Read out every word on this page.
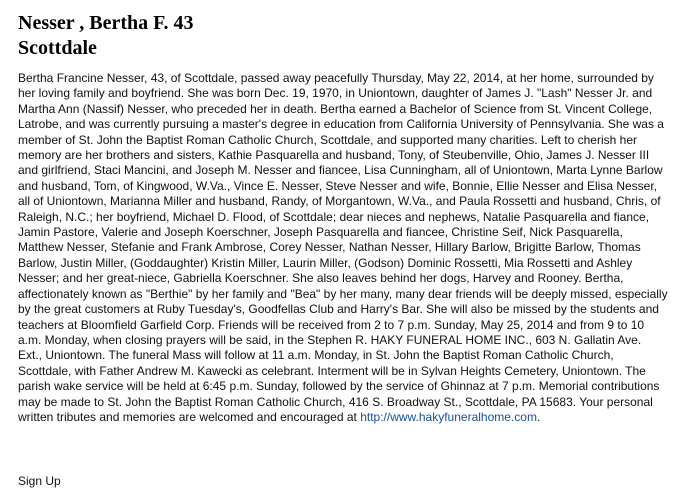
Nesser , Bertha F. 43
Scottdale

Bertha Francine Nesser, 43, of Scottdale, passed away peacefully Thursday, May 22, 2014, at her home, surrounded by her loving family and boyfriend. She was born Dec. 19, 1970, in Uniontown, daughter of James J. "Lash" Nesser Jr. and Martha Ann (Nassif) Nesser, who preceded her in death. Bertha earned a Bachelor of Science from St. Vincent College, Latrobe, and was currently pursuing a master's degree in education from California University of Pennsylvania. She was a member of St. John the Baptist Roman Catholic Church, Scottdale, and supported many charities. Left to cherish her memory are her brothers and sisters, Kathie Pasquarella and husband, Tony, of Steubenville, Ohio, James J. Nesser III and girlfriend, Staci Mancini, and Joseph M. Nesser and fiancee, Lisa Cunningham, all of Uniontown, Marta Lynne Barlow and husband, Tom, of Kingwood, W.Va., Vince E. Nesser, Steve Nesser and wife, Bonnie, Ellie Nesser and Elisa Nesser, all of Uniontown, Marianna Miller and husband, Randy, of Morgantown, W.Va., and Paula Rossetti and husband, Chris, of Raleigh, N.C.; her boyfriend, Michael D. Flood, of Scottdale; dear nieces and nephews, Natalie Pasquarella and fiance, Jamin Pastore, Valerie and Joseph Koerschner, Joseph Pasquarella and fiancee, Christine Seif, Nick Pasquarella, Matthew Nesser, Stefanie and Frank Ambrose, Corey Nesser, Nathan Nesser, Hillary Barlow, Brigitte Barlow, Thomas Barlow, Justin Miller, (Goddaughter) Kristin Miller, Laurin Miller, (Godson) Dominic Rossetti, Mia Rossetti and Ashley Nesser; and her great-niece, Gabriella Koerschner. She also leaves behind her dogs, Harvey and Rooney. Bertha, affectionately known as "Berthie" by her family and "Bea" by her many, many dear friends will be deeply missed, especially by the great customers at Ruby Tuesday's, Goodfellas Club and Harry's Bar. She will also be missed by the students and teachers at Bloomfield Garfield Corp. Friends will be received from 2 to 7 p.m. Sunday, May 25, 2014 and from 9 to 10 a.m. Monday, when closing prayers will be said, in the Stephen R. HAKY FUNERAL HOME INC., 603 N. Gallatin Ave. Ext., Uniontown. The funeral Mass will follow at 11 a.m. Monday, in St. John the Baptist Roman Catholic Church, Scottdale, with Father Andrew M. Kawecki as celebrant. Interment will be in Sylvan Heights Cemetery, Uniontown. The parish wake service will be held at 6:45 p.m. Sunday, followed by the service of Ghinnaz at 7 p.m. Memorial contributions may be made to St. John the Baptist Roman Catholic Church, 416 S. Broadway St., Scottdale, PA 15683. Your personal written tributes and memories are welcomed and encouraged at http://www.hakyfuneralhome.com.

Sign Up
